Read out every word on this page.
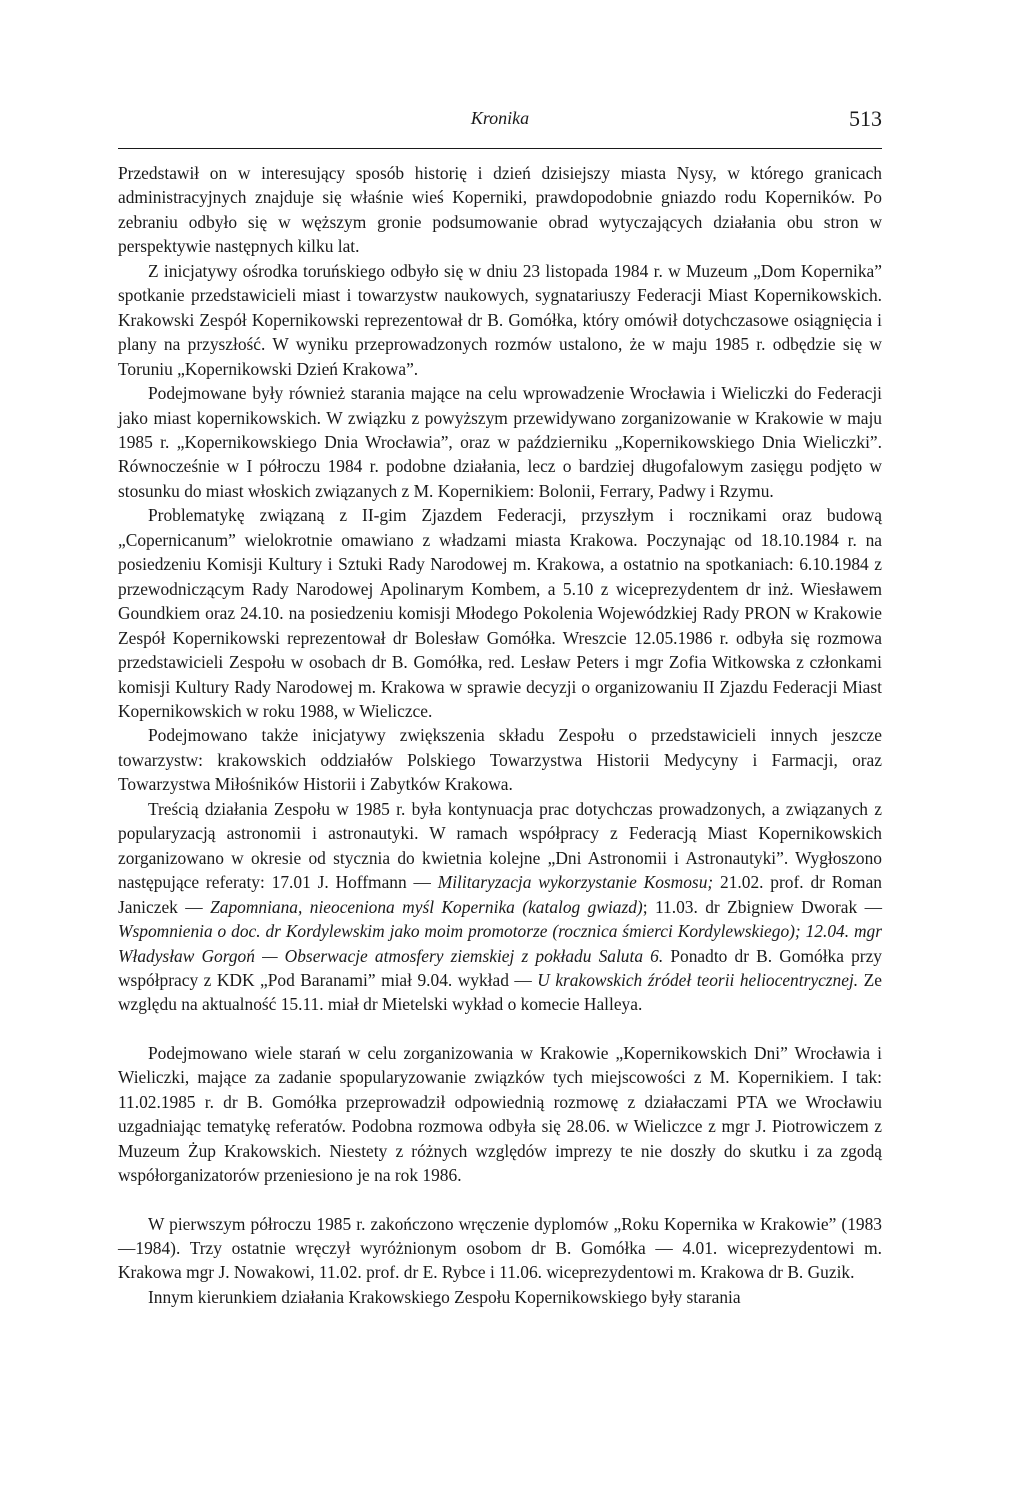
Kronika	513

Przedstawił on w interesujący sposób historię i dzień dzisiejszy miasta Nysy, w którego granicach administracyjnych znajduje się właśnie wieś Koperniki, prawdopodobnie gniazdo rodu Koperników. Po zebraniu odbyło się w węższym gronie podsumowanie obrad wytyczających działania obu stron w perspektywie następnych kilku lat.

Z inicjatywy ośrodka toruńskiego odbyło się w dniu 23 listopada 1984 r. w Muzeum „Dom Kopernika” spotkanie przedstawicieli miast i towarzystw naukowych, sygnatariuszy Federacji Miast Kopernikowskich. Krakowski Zespół Kopernikowski reprezentował dr B. Gomółka, który omówił dotychczasowe osiągnięcia i plany na przyszłość. W wyniku przeprowadzonych rozmów ustalono, że w maju 1985 r. odbędzie się w Toruniu „Kopernikowski Dzień Krakowa”.

Podejmowane były również starania mające na celu wprowadzenie Wrocławia i Wieliczki do Federacji jako miast kopernikowskich. W związku z powyższym przewidywano zorganizowanie w Krakowie w maju 1985 r. „Kopernikowskiego Dnia Wrocławia”, oraz w październiku „Kopernikowskiego Dnia Wieliczki”. Równocześnie w I półroczu 1984 r. podobne działania, lecz o bardziej długofalowym zasięgu podjęto w stosunku do miast włoskich związanych z M. Kopernikiem: Bolonii, Ferrary, Padwy i Rzymu.

Problematykę związaną z II-gim Zjazdem Federacji, przyszłym i rocznikami oraz budową „Copernicanum” wielokrotnie omawiano z władzami miasta Krakowa. Poczynając od 18.10.1984 r. na posiedzeniu Komisji Kultury i Sztuki Rady Narodowej m. Krakowa, a ostatnio na spotkaniach: 6.10.1984 z przewodniczącym Rady Narodowej Apolinarym Kombem, a 5.10 z wiceprezydentem dr inż. Wiesławem Goundkiem oraz 24.10. na posiedzeniu komisji Młodego Pokolenia Wojewódzkiej Rady PRON w Krakowie Zespół Kopernikowski reprezentował dr Bolesław Gomółka. Wreszcie 12.05.1986 r. odbyła się rozmowa przedstawicieli Zespołu w osobach dr B. Gomółka, red. Lesław Peters i mgr Zofia Witkowska z członkami komisji Kultury Rady Narodowej m. Krakowa w sprawie decyzji o organizowaniu II Zjazdu Federacji Miast Kopernikowskich w roku 1988, w Wieliczce.

Podejmowano także inicjatywy zwiększenia składu Zespołu o przedstawicieli innych jeszcze towarzystw: krakowskich oddziałów Polskiego Towarzystwa Historii Medycyny i Farmacji, oraz Towarzystwa Miłośników Historii i Zabytków Krakowa.

Treścią działania Zespołu w 1985 r. była kontynuacja prac dotychczas prowadzonych, a związanych z popularyzacją astronomii i astronautyki. W ramach współpracy z Federacją Miast Kopernikowskich zorganizowano w okresie od stycznia do kwietnia kolejne „Dni Astronomii i Astronautyki”. Wygłoszono następujące referaty: 17.01 J. Hoffmann — Militaryzacja wykorzystanie Kosmosu; 21.02. prof. dr Roman Janiczek — Zapomniana, nieoceniona myśl Kopernika (katalog gwiazd); 11.03. dr Zbigniew Dworak — Wspomnienia o doc. dr Kordylewskim jako moim promotorze (rocznica śmierci Kordylewskiego); 12.04. mgr Władysław Gorgoń — Obserwacje atmosfery ziemskiej z pokładu Saluta 6. Ponadto dr B. Gomółka przy współpracy z KDK „Pod Baranami” miał 9.04. wykład — U krakowskich źródeł teorii heliocentrycznej. Ze względu na aktualność 15.11. miał dr Mietelski wykład o komecie Halleya.

Podejmowano wiele starań w celu zorganizowania w Krakowie „Kopernikowskich Dni” Wrocławia i Wieliczki, mające za zadanie spopularyzowanie związków tych miejscowości z M. Kopernikiem. I tak: 11.02.1985 r. dr B. Gomółka przeprowadził odpowiednią rozmowę z działaczami PTA we Wrocławiu uzgadniając tematykę referatów. Podobna rozmowa odbyła się 28.06. w Wieliczce z mgr J. Piotrowiczem z Muzeum Żup Krakowskich. Niestety z różnych względów imprezy te nie doszły do skutku i za zgodą współorganizatorów przeniesiono je na rok 1986.

W pierwszym półroczu 1985 r. zakończono wręczenie dyplomów „Roku Kopernika w Krakowie” (1983—1984). Trzy ostatnie wręczył wyróżnionym osobom dr B. Gomółka — 4.01. wiceprezydentowi m. Krakowa mgr J. Nowakowi, 11.02. prof. dr E. Rybce i 11.06. wiceprezydentowi m. Krakowa dr B. Guzik.

Innym kierunkiem działania Krakowskiego Zespołu Kopernikowskiego były starania
